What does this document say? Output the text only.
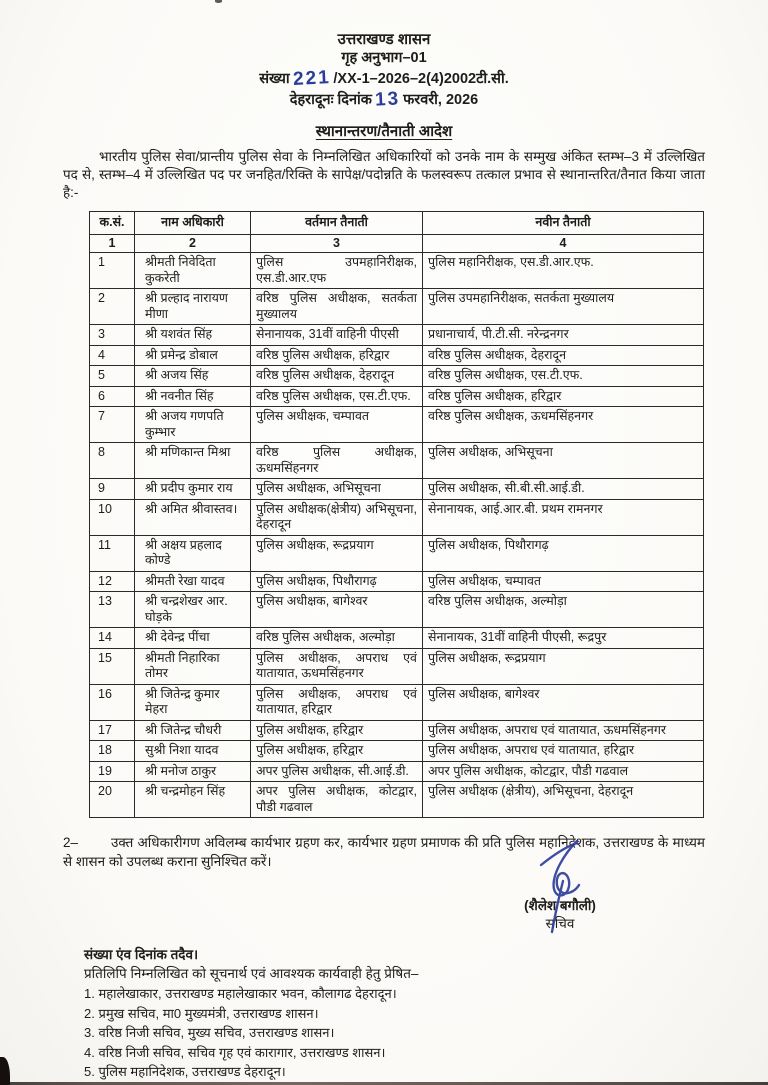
उत्तराखण्ड शासन
गृह अनुभाग–01
संख्या 221 /XX-1–2026–2(4)2002टी.सी.
देहरादूनः दिनांक 13 फरवरी, 2026
स्थानान्तरण/तैनाती आदेश

भारतीय पुलिस सेवा/प्रान्तीय पुलिस सेवा के निम्नलिखित अधिकारियों को उनके नाम के सम्मुख अंकित स्तम्भ–3 में उल्लिखित पद से, स्तम्भ–4 में उल्लिखित पद पर जनहित/रिक्ति के सापेक्ष/पदोन्नति के फलस्वरूप तत्काल प्रभाव से स्थानान्तरित/तैनात किया जाता है:-

क.सं.	नाम अधिकारी	वर्तमान तैनाती	नवीन तैनाती
1	2	3	4
1	श्रीमती निवेदिता कुकरेती	पुलिस उपमहानिरीक्षक, एस.डी.आर.एफ	पुलिस महानिरीक्षक, एस.डी.आर.एफ.
2	श्री प्रल्हाद नारायण मीणा	वरिष्ठ पुलिस अधीक्षक, सतर्कता मुख्यालय	पुलिस उपमहानिरीक्षक, सतर्कता मुख्यालय
3	श्री यशवंत सिंह	सेनानायक, 31वीं वाहिनी पीएसी	प्रधानाचार्य, पी.टी.सी. नरेन्द्रनगर
4	श्री प्रमेन्द्र डोबाल	वरिष्ठ पुलिस अधीक्षक, हरिद्वार	वरिष्ठ पुलिस अधीक्षक, देहरादून
5	श्री अजय सिंह	वरिष्ठ पुलिस अधीक्षक, देहरादून	वरिष्ठ पुलिस अधीक्षक, एस.टी.एफ.
6	श्री नवनीत सिंह	वरिष्ठ पुलिस अधीक्षक, एस.टी.एफ.	वरिष्ठ पुलिस अधीक्षक, हरिद्वार
7	श्री अजय गणपति कुम्भार	पुलिस अधीक्षक, चम्पावत	वरिष्ठ पुलिस अधीक्षक, ऊधमसिंहनगर
8	श्री मणिकान्त मिश्रा	वरिष्ठ पुलिस अधीक्षक, ऊधमसिंहनगर	पुलिस अधीक्षक, अभिसूचना
9	श्री प्रदीप कुमार राय	पुलिस अधीक्षक, अभिसूचना	पुलिस अधीक्षक, सी.बी.सी.आई.डी.
10	श्री अमित श्रीवास्तव।	पुलिस अधीक्षक(क्षेत्रीय) अभिसूचना, देहरादून	सेनानायक, आई.आर.बी. प्रथम रामनगर
11	श्री अक्षय प्रहलाद कोण्डे	पुलिस अधीक्षक, रूद्रप्रयाग	पुलिस अधीक्षक, पिथौरागढ़
12	श्रीमती रेखा यादव	पुलिस अधीक्षक, पिथौरागढ़	पुलिस अधीक्षक, चम्पावत
13	श्री चन्द्रशेखर आर. घोड़के	पुलिस अधीक्षक, बागेश्वर	वरिष्ठ पुलिस अधीक्षक, अल्मोड़ा
14	श्री देवेन्द्र पींचा	वरिष्ठ पुलिस अधीक्षक, अल्मोड़ा	सेनानायक, 31वीं वाहिनी पीएसी, रूद्रपुर
15	श्रीमती निहारिका तोमर	पुलिस अधीक्षक, अपराध एवं यातायात, ऊधमसिंहनगर	पुलिस अधीक्षक, रूद्रप्रयाग
16	श्री जितेन्द्र कुमार मेहरा	पुलिस अधीक्षक, अपराध एवं यातायात, हरिद्वार	पुलिस अधीक्षक, बागेश्वर
17	श्री जितेन्द्र चौधरी	पुलिस अधीक्षक, हरिद्वार	पुलिस अधीक्षक, अपराध एवं यातायात, ऊधमसिंहनगर
18	सुश्री निशा यादव	पुलिस अधीक्षक, हरिद्वार	पुलिस अधीक्षक, अपराध एवं यातायात, हरिद्वार
19	श्री मनोज ठाकुर	अपर पुलिस अधीक्षक, सी.आई.डी.	अपर पुलिस अधीक्षक, कोटद्वार, पौडी गढवाल
20	श्री चन्द्रमोहन सिंह	अपर पुलिस अधीक्षक, कोटद्वार, पौडी गढवाल	पुलिस अधीक्षक (क्षेत्रीय), अभिसूचना, देहरादून
2– उक्त अधिकारीगण अविलम्ब कार्यभार ग्रहण कर, कार्यभार ग्रहण प्रमाणक की प्रति पुलिस महानिदेशक, उत्तराखण्ड के माध्यम से शासन को उपलब्ध कराना सुनिश्चित करें।
(शैलेश बगौली)
सचिव
संख्या एंव दिनांक तदैव।
प्रतिलिपि निम्नलिखित को सूचनार्थ एवं आवश्यक कार्यवाही हेतु प्रेषित–
1. महालेखाकार, उत्तराखण्ड महालेखाकार भवन, कौलागढ देहरादून।
2. प्रमुख सचिव, मा0 मुख्यमंत्री, उत्तराखण्ड शासन।
3. वरिष्ठ निजी सचिव, मुख्य सचिव, उत्तराखण्ड शासन।
4. वरिष्ठ निजी सचिव, सचिव गृह एवं कारागार, उत्तराखण्ड शासन।
5. पुलिस महानिदेशक, उत्तराखण्ड देहरादून।
